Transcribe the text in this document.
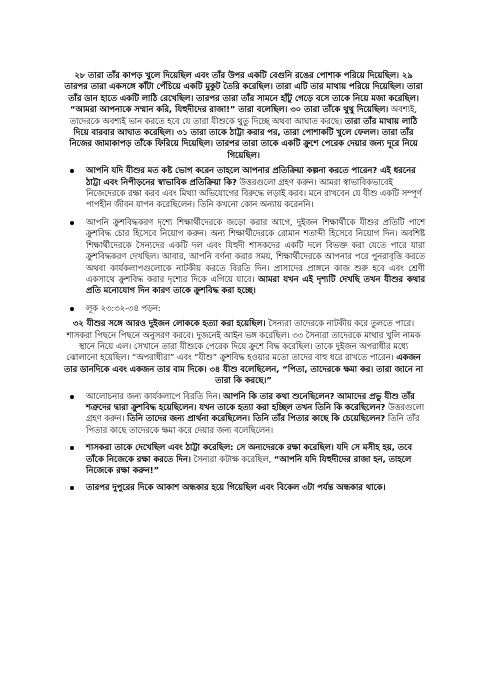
২৮ তারা তাঁর কাপড় খুলে দিয়েছিল এবং তাঁর উপর একটি বেগুনি রঙের পোশাক পরিয়ে দিয়েছিল। ২৯ তারপর তারা একসঙ্গে কাঁটা পেঁচিয়ে একটি মুকুট তৈরি করেছিল। তারা এটি তার মাথায় পরিয়ে দিয়েছিল। তারা তাঁর ডান হাতে একটি লাঠি রেখেছিল। তারপর তারা তাঁর সামনে হাঁটু গেড়ে বসে তাকে নিয়ে মজা করেছিল। “আমরা আপনাকে সম্মান করি, যিহুদীদের রাজা!” তারা বলেছিল। ৩০ তারা তাঁকে থুথু দিয়েছিল। অবশ্যই, তাদেরকে অবশ্যই ভান করতে হবে যে তারা যীশুকে থুতু দিচ্ছে অথবা আঘাত করছে। তারা তাঁর মাথায় লাঠি দিয়ে বারবার আঘাত করেছিল। ৩১ তারা তাকে ঠাট্টা করার পর, তারা পোশাকটি খুলে ফেলল। তারা তাঁর নিজের জামাকাপড় তাঁকে ফিরিয়ে দিয়েছিল। তারপর তারা তাকে একটি ক্রুশে পেরেক দেয়ার জন্য দূরে নিয়ে গিয়েছিল।

আপনি যদি যীশুর মত কষ্ট ভোগ করেন তাহলে আপনার প্রতিক্রিয়া কল্পনা করতে পারেন? এই ধরনের ঠাট্টা এবং নিপীড়নের স্বাভাবিক প্রতিক্রিয়া কি? উত্তরগুলো গ্রহণ করুন। আমরা স্বাভাবিকভাবেই নিজেদেরকে রক্ষা করব এবং মিথ্যা অভিযোগের বিরুদ্ধে লড়াই করব। মনে রাখবেন যে যীশু একটি সম্পূর্ণ পাপহীন জীবন যাপন করেছিলেন। তিনি কখনো কোন অন্যায় করেননি।
আপনি ক্রুশবিদ্ধকরণ দৃশ্যে শিক্ষার্থীদেরকে জড়ো করার আগে, দুইজন শিক্ষার্থীকে যীশুর প্রতিটি পাশে ক্রুশবিদ্ধ চোর হিসেবে নিয়োগ করুন। অন্য শিক্ষার্থীদেরকে রোমান শতাব্দী হিসেবে নিয়োগ দিন। অবশিষ্ট শিক্ষার্থীদেরকে সৈন্যদের একটি দল এবং যিহুদী শাসকদের একটি দলে বিভক্ত করা যেতে পারে যারা ক্রুশবিদ্ধকরণ দেখছিল। আবার, আপনি বর্ণনা করার সময়, শিক্ষার্থীদেরকে আপনার পরে পুনরাবৃত্তি করতে অথবা কার্যকলাপগুলোকে নাটকীয় করতে বিরতি দিন। প্রাসাদের প্রাঙ্গনে কাজ শুরু হবে এবং শ্রেণী একসাথে ক্রুশবিদ্ধ করার দৃশ্যের দিকে এগিয়ে যাবে। আমরা যখন এই দৃশ্যটি দেখছি তখন যীশুর কথার প্রতি মনোযোগ দিন কারণ তাকে ক্রুশবিদ্ধ করা হচ্ছে।
লূক ২৩:৩২-৩৪ পড়ন:

৩২ যীশুর সঙ্গে আরও দুইজন লোককে হত্যা করা হয়েছিল। সৈন্যরা তাদেরকে নাটকীয় করে তুলতে পারে। শাসকরা পিছনে পিছনে অনুসরণ করবে। দুজনেই আইন ভঙ্গ করেছিল। ৩৩ সৈন্যরা তাদেরকে মাথার খুলি নামক স্থানে নিয়ে এল। সেখানে তারা যীশুকে পেরেক দিয়ে ক্রুশে বিদ্ধ করেছিল। তাকে দুইজন অপরাধীর মধ্যে ঝোলানো হয়েছিল। “অপরাধীরা” এবং “যীশু” ক্রুশবিদ্ধ হওয়ার মতো তাদের বাহু ধরে রাখতে পারেন। একজন তার ডানদিকে এবং একজন তার বাম দিকে। ৩৪ যীশু বলেছিলেন, “পিতা, তাদেরকে ক্ষমা কর। তারা জানে না তারা কি করছে।”

আলোচনার জন্য কার্যকলাপে বিরতি দিন। আপনি কি তার কথা শুনেছিলেন? আমাদের প্রভু যীশু তাঁর শত্রুদের দ্বারা ক্রুশবিদ্ধ হয়েছিলেন। যখন তাকে হত্যা করা হচ্ছিল তখন তিনি কি করেছিলেন? উত্তরগুলো গ্রহণ করুন। তিনি তাদের জন্য প্রার্থনা করেছিলেন। তিনি তাঁর পিতার কাছে কি চেয়েছিলেন? তিনি তাঁর পিতার কাছে তাদেরকে ক্ষমা করে দেয়ার জন্য বলেছিলেন।
শাসকরা তাকে দেখেছিল এবং ঠাট্টা করেছিল: সে অন্যদেরকে রক্ষা করেছিল। যদি সে মসীহ হয়, তবে তাঁকে নিজেকে রক্ষা করতে দিন। সৈন্যরা কটাক্ষ করেছিল, “আপনি যদি যিহুদীদের রাজা হন, তাহলে নিজেকে রক্ষা করুন!”
তারপর দুপুরের দিকে আকাশ অন্ধকার হয়ে গিয়েছিল এবং বিকেল ৩টা পর্যন্ত অন্ধকার থাকে।
